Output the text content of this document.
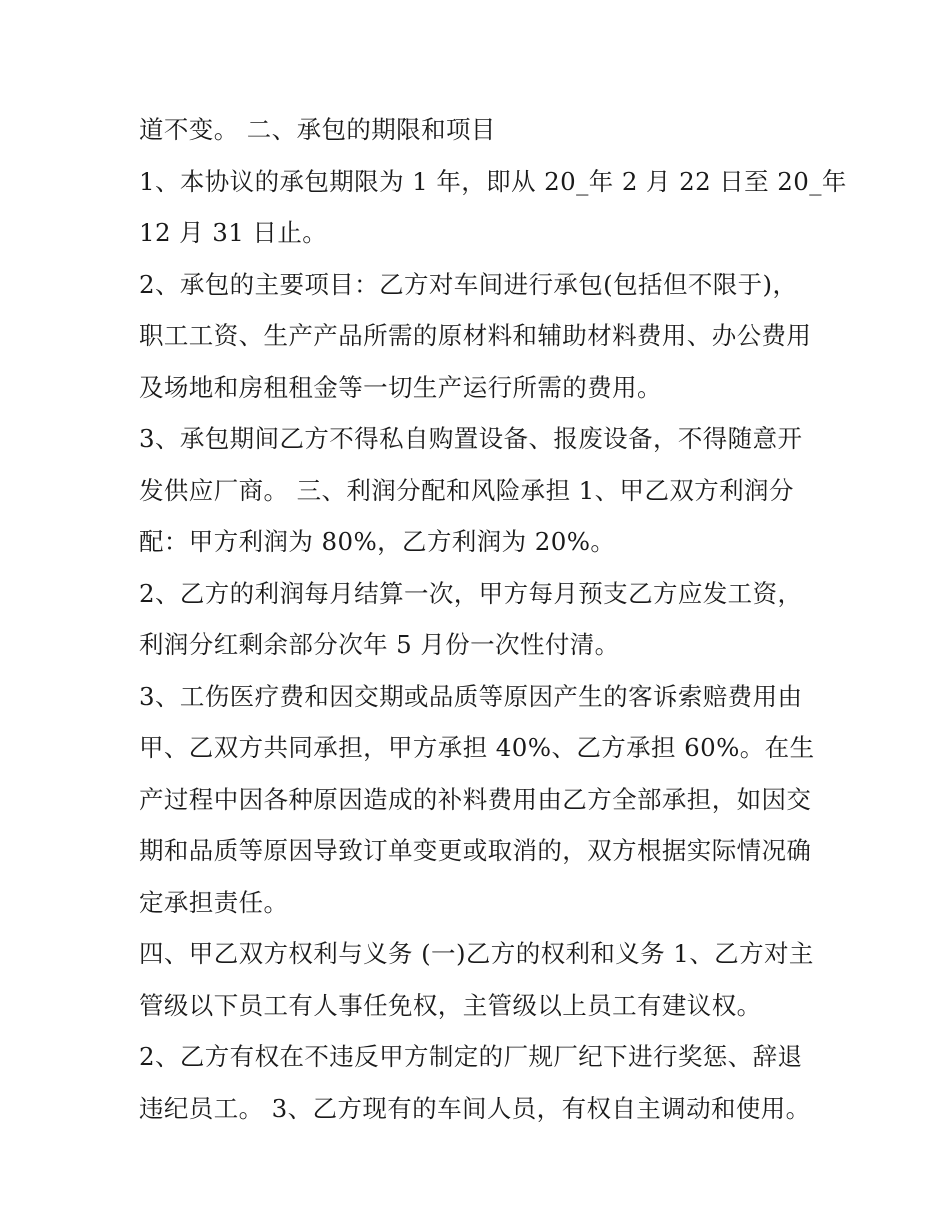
道不变。 二、承包的期限和项目
1、本协议的承包期限为 1 年，即从 20_年 2 月 22 日至 20_年
12 月 31 日止。
2、承包的主要项目：乙方对车间进行承包(包括但不限于)，
职工工资、生产产品所需的原材料和辅助材料费用、办公费用
及场地和房租租金等一切生产运行所需的费用。
3、承包期间乙方不得私自购置设备、报废设备，不得随意开
发供应厂商。 三、利润分配和风险承担 1、甲乙双方利润分
配：甲方利润为 80%，乙方利润为 20%。
2、乙方的利润每月结算一次，甲方每月预支乙方应发工资，
利润分红剩余部分次年 5 月份一次性付清。
3、工伤医疗费和因交期或品质等原因产生的客诉索赔费用由
甲、乙双方共同承担，甲方承担 40%、乙方承担 60%。在生
产过程中因各种原因造成的补料费用由乙方全部承担，如因交
期和品质等原因导致订单变更或取消的，双方根据实际情况确
定承担责任。
四、甲乙双方权利与义务 (一)乙方的权利和义务 1、乙方对主
管级以下员工有人事任免权，主管级以上员工有建议权。
2、乙方有权在不违反甲方制定的厂规厂纪下进行奖惩、辞退
违纪员工。 3、乙方现有的车间人员，有权自主调动和使用。
